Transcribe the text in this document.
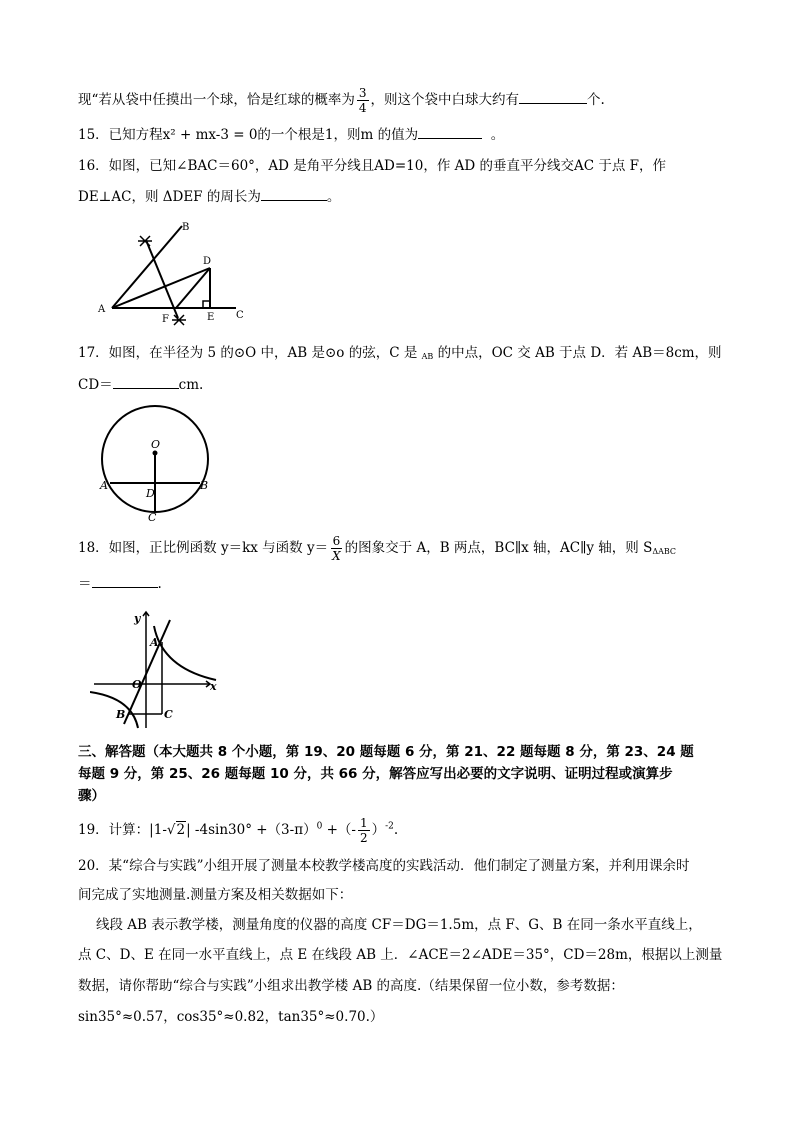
现“若从袋中任摸出一个球，恰是红球的概率为 $\frac{3}{4}$ ，则这个袋中白球大约有	个.
15．已知方程x² + mx-3 = 0的一个根是1，则m 的值为	。
16．如图，已知∠BAC＝60°，AD 是角平分线且AD=10，作 AD 的垂直平分线交AC 于点 F，作
DE⊥AC，则 ΔDEF 的周长为	。
A
B
C
D
E
F
17．如图，在半径为 5 的⊙O 中，AB 是⊙o 的弦，C 是 AB 的中点，OC 交 AB 于点 D．若 AB＝8cm，则
CD＝	cm.
O
A	B
D
C
18．如图，正比例函数 y＝kx 与函数 $y= \frac{6}{X}$ 的图象交于 A，B 两点，BC∥x 轴，AC∥y 轴，则 SΔABC
＝	.
y
x
O
A
B	C
三、解答题（本大题共 8 个小题，第 19、20 题每题 6 分，第 21、22 题每题 8 分，第 23、24 题
每题 9 分，第 25、26 题每题 10 分，共 66 分，解答应写出必要的文字说明、证明过程或演算步
骤）
19．计算：|1-√2| $-4\sin 30^\circ +(3-\pi)^0$ +（- $\frac{1}{2} )^{-2}$.
20．某“综合与实践”小组开展了测量本校教学楼高度的实践活动．他们制定了测量方案，并利用课余时
间完成了实地测量.测量方案及相关数据如下：
线段 AB 表示教学楼，测量角度的仪器的高度 CF＝DG＝1.5m，点 F、G、B 在同一条水平直线上，
点 C、D、E 在同一水平直线上，点 E 在线段 AB 上．∠ACE＝2∠ADE＝35°，CD＝28m，根据以上测量
数据，请你帮助“综合与实践”小组求出教学楼 AB 的高度.（结果保留一位小数，参考数据：
sin35°≈0.57，cos35°≈0.82，tan35°≈0.70.）
